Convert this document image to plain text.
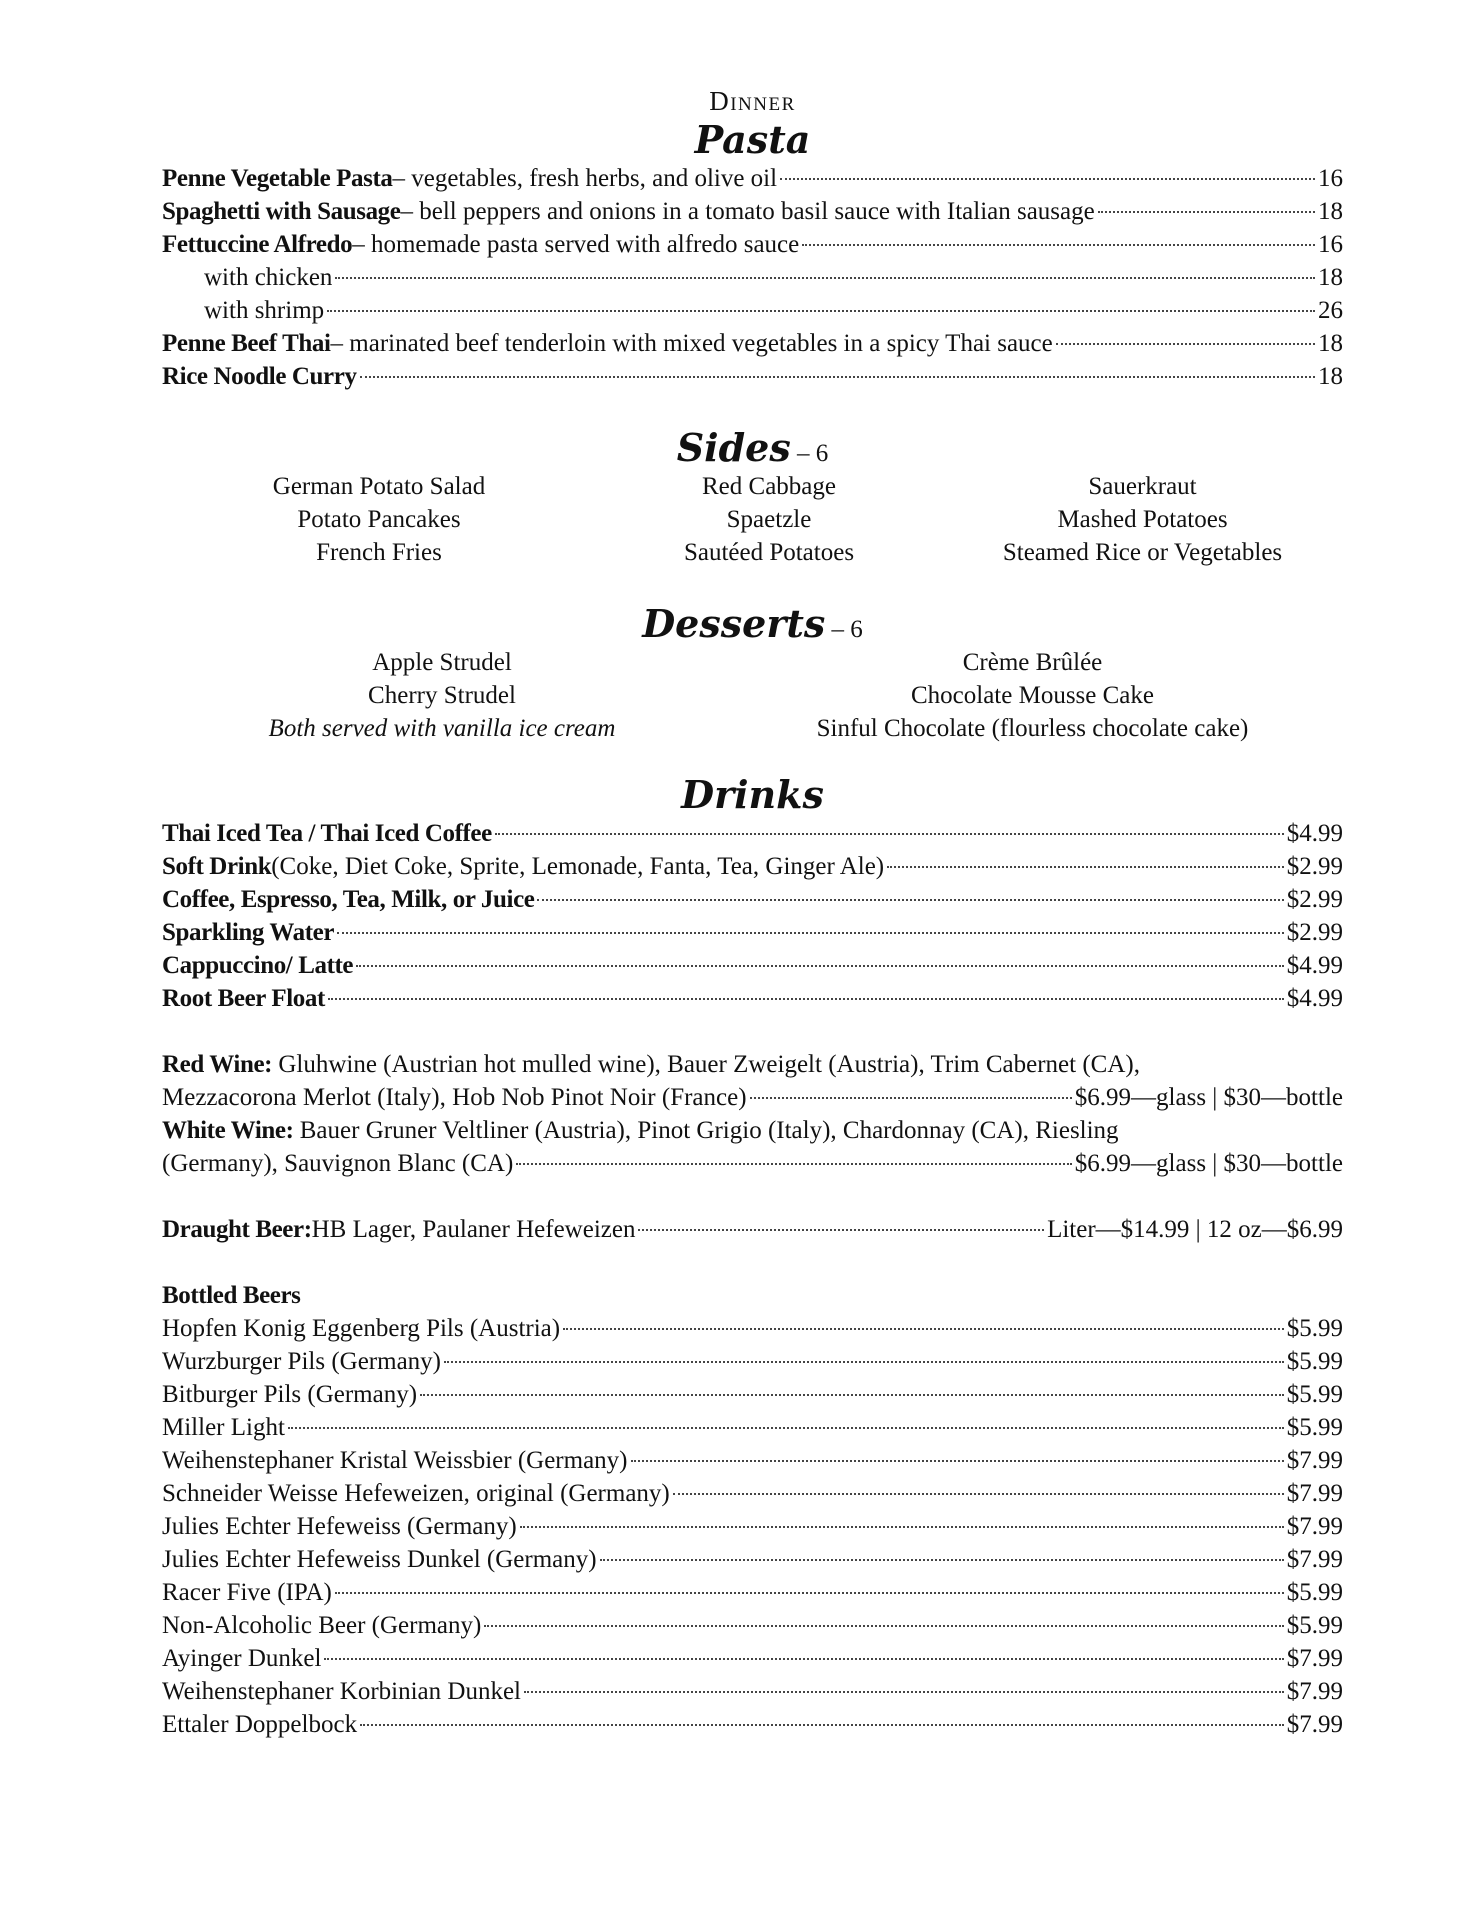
Dinner
Pasta
Penne Vegetable Pasta – vegetables, fresh herbs, and olive oil	16
Spaghetti with Sausage – bell peppers and onions in a tomato basil sauce with Italian sausage	18
Fettuccine Alfredo – homemade pasta served with alfredo sauce	16
with chicken	18
with shrimp	26
Penne Beef Thai – marinated beef tenderloin with mixed vegetables in a spicy Thai sauce	18
Rice Noodle Curry	18
Sides – 6
German Potato Salad	Red Cabbage	Sauerkraut
Potato Pancakes	Spaetzle	Mashed Potatoes
French Fries	Sautéed Potatoes	Steamed Rice or Vegetables
Desserts – 6
Apple Strudel	Crème Brûlée
Cherry Strudel	Chocolate Mousse Cake
Both served with vanilla ice cream	Sinful Chocolate (flourless chocolate cake)
Drinks
Thai Iced Tea / Thai Iced Coffee	$4.99
Soft Drink (Coke, Diet Coke, Sprite, Lemonade, Fanta, Tea, Ginger Ale)	$2.99
Coffee, Espresso, Tea, Milk, or Juice	$2.99
Sparkling Water	$2.99
Cappuccino/ Latte	$4.99
Root Beer Float	$4.99
Red Wine: Gluhwine (Austrian hot mulled wine), Bauer Zweigelt (Austria), Trim Cabernet (CA),
Mezzacorona Merlot (Italy), Hob Nob Pinot Noir (France)	$6.99—glass | $30—bottle
White Wine: Bauer Gruner Veltliner (Austria), Pinot Grigio (Italy), Chardonnay (CA), Riesling
(Germany), Sauvignon Blanc (CA)	$6.99—glass | $30—bottle
Draught Beer: HB Lager, Paulaner Hefeweizen	Liter—$14.99 | 12 oz—$6.99
Bottled Beers
Hopfen Konig Eggenberg Pils (Austria)	$5.99
Wurzburger Pils (Germany)	$5.99
Bitburger Pils (Germany)	$5.99
Miller Light	$5.99
Weihenstephaner Kristal Weissbier (Germany)	$7.99
Schneider Weisse Hefeweizen, original (Germany)	$7.99
Julies Echter Hefeweiss (Germany)	$7.99
Julies Echter Hefeweiss Dunkel (Germany)	$7.99
Racer Five (IPA)	$5.99
Non-Alcoholic Beer (Germany)	$5.99
Ayinger Dunkel	$7.99
Weihenstephaner Korbinian Dunkel	$7.99
Ettaler Doppelbock	$7.99
